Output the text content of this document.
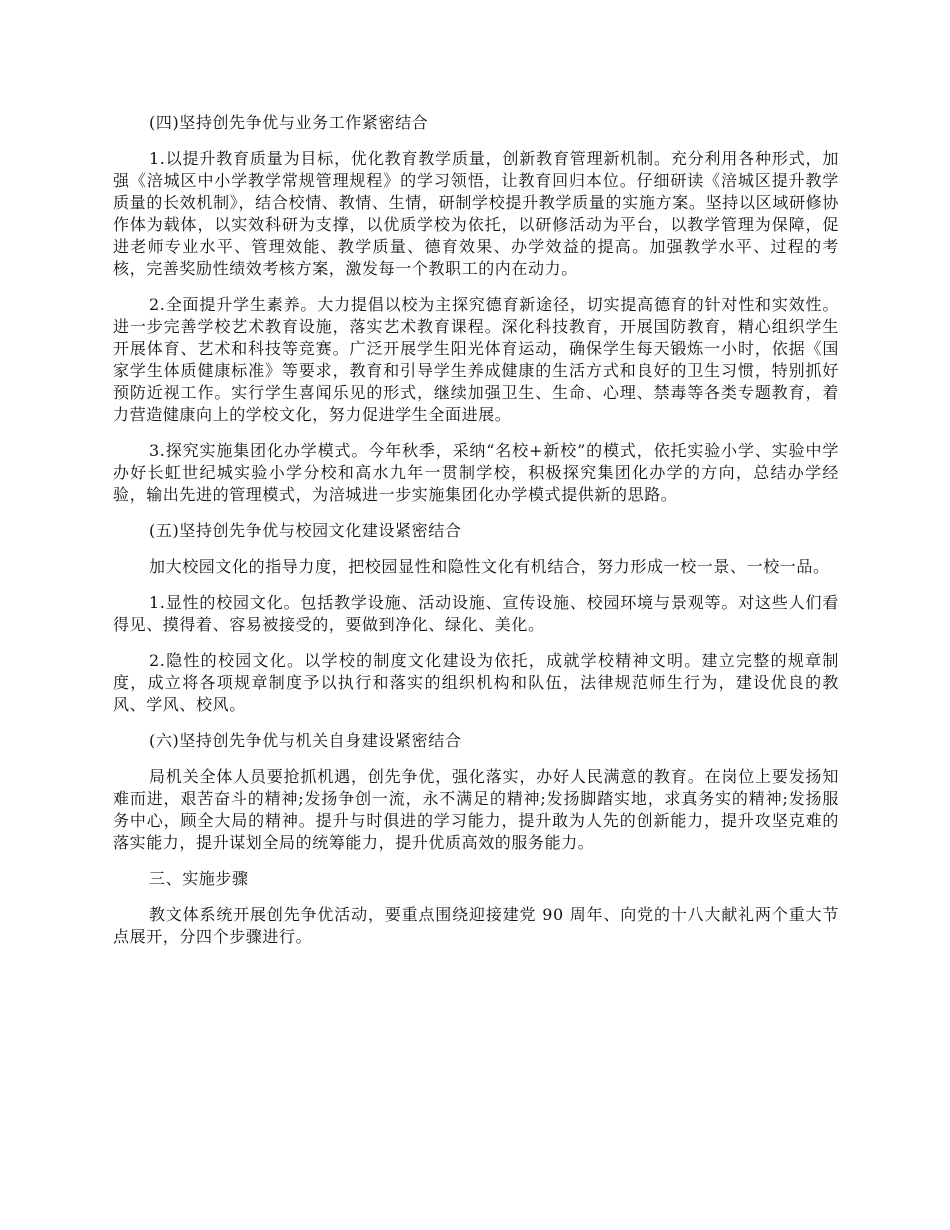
(四)坚持创先争优与业务工作紧密结合

1.以提升教育质量为目标，优化教育教学质量，创新教育管理新机制。充分利用各种形式，加强《涪城区中小学教学常规管理规程》的学习领悟，让教育回归本位。仔细研读《涪城区提升教学质量的长效机制》，结合校情、教情、生情，研制学校提升教学质量的实施方案。坚持以区域研修协作体为载体，以实效科研为支撑，以优质学校为依托，以研修活动为平台，以教学管理为保障，促进老师专业水平、管理效能、教学质量、德育效果、办学效益的提高。加强教学水平、过程的考核，完善奖励性绩效考核方案，激发每一个教职工的内在动力。

2.全面提升学生素养。大力提倡以校为主探究德育新途径，切实提高德育的针对性和实效性。进一步完善学校艺术教育设施，落实艺术教育课程。深化科技教育，开展国防教育，精心组织学生开展体育、艺术和科技等竞赛。广泛开展学生阳光体育运动，确保学生每天锻炼一小时，依据《国家学生体质健康标准》等要求，教育和引导学生养成健康的生活方式和良好的卫生习惯，特别抓好预防近视工作。实行学生喜闻乐见的形式，继续加强卫生、生命、心理、禁毒等各类专题教育，着力营造健康向上的学校文化，努力促进学生全面进展。

3.探究实施集团化办学模式。今年秋季，采纳“名校+新校”的模式，依托实验小学、实验中学办好长虹世纪城实验小学分校和高水九年一贯制学校，积极探究集团化办学的方向，总结办学经验，输出先进的管理模式，为涪城进一步实施集团化办学模式提供新的思路。

(五)坚持创先争优与校园文化建设紧密结合

加大校园文化的指导力度，把校园显性和隐性文化有机结合，努力形成一校一景、一校一品。

1.显性的校园文化。包括教学设施、活动设施、宣传设施、校园环境与景观等。对这些人们看得见、摸得着、容易被接受的，要做到净化、绿化、美化。

2.隐性的校园文化。以学校的制度文化建设为依托，成就学校精神文明。建立完整的规章制度，成立将各项规章制度予以执行和落实的组织机构和队伍，法律规范师生行为，建设优良的教风、学风、校风。

(六)坚持创先争优与机关自身建设紧密结合

局机关全体人员要抢抓机遇，创先争优，强化落实，办好人民满意的教育。在岗位上要发扬知难而进，艰苦奋斗的精神;发扬争创一流，永不满足的精神;发扬脚踏实地，求真务实的精神;发扬服务中心，顾全大局的精神。提升与时俱进的学习能力，提升敢为人先的创新能力，提升攻坚克难的落实能力，提升谋划全局的统筹能力，提升优质高效的服务能力。

三、实施步骤

教文体系统开展创先争优活动，要重点围绕迎接建党 90 周年、向党的十八大献礼两个重大节点展开，分四个步骤进行。
